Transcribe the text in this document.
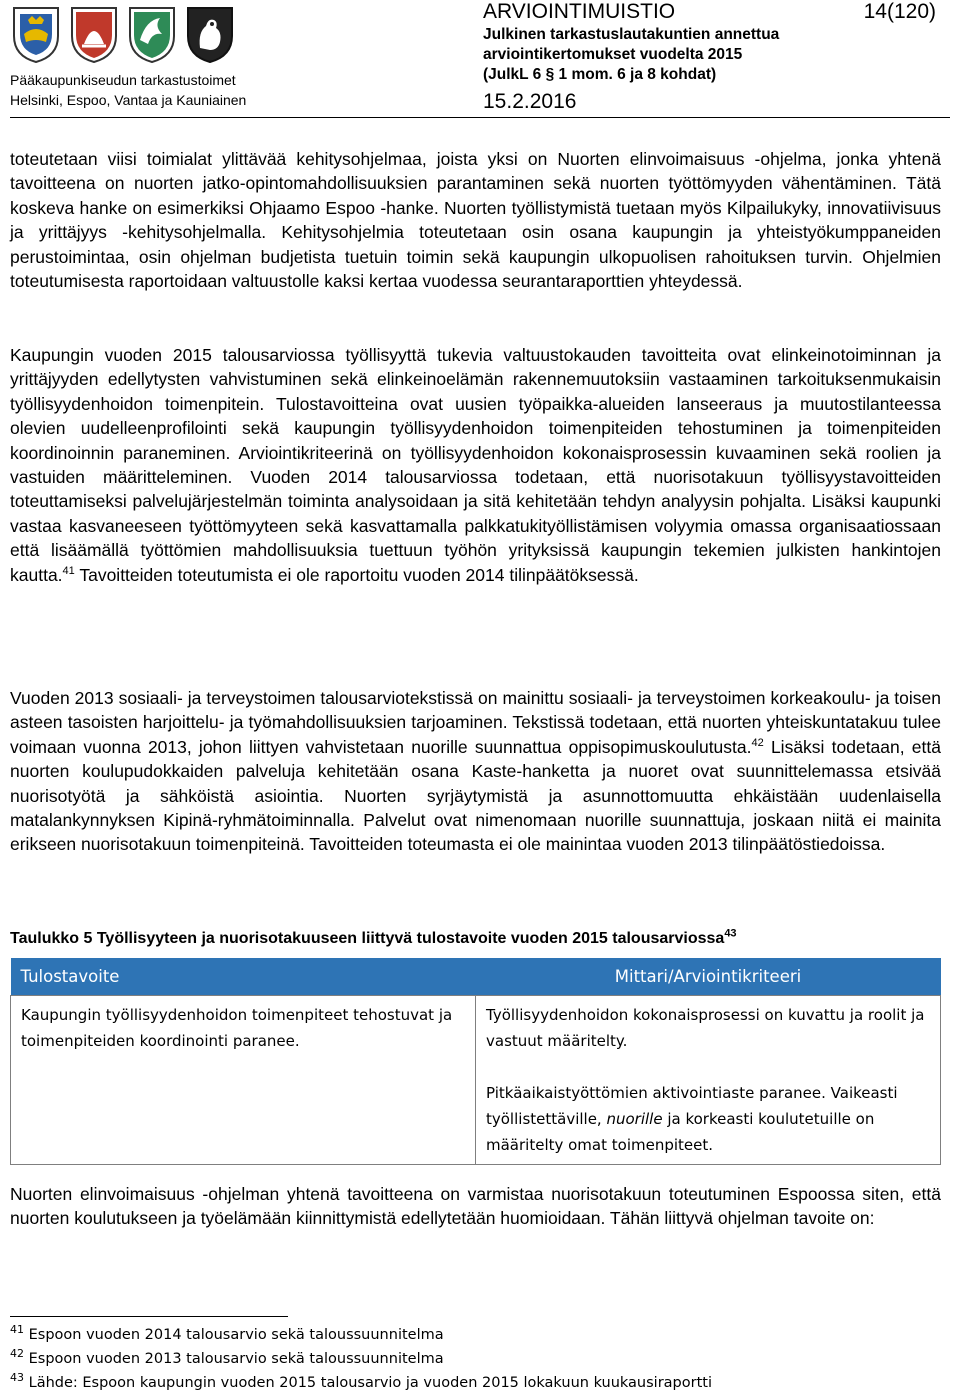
Pääkaupunkiseudun tarkastustoimet
Helsinki, Espoo, Vantaa ja Kauniainen
ARVIOINTIMUISTIO	14(120)
Julkinen tarkastuslautakuntien annettua
arviointikertomukset vuodelta 2015
(JulkL 6 § 1 mom. 6 ja 8 kohdat)
15.2.2016

toteutetaan viisi toimialat ylittävää kehitysohjelmaa, joista yksi on Nuorten elinvoimaisuus -ohjelma, jonka yhtenä tavoitteena on nuorten jatko-opintomahdollisuuksien parantaminen sekä nuorten työttömyyden vähentäminen. Tätä koskeva hanke on esimerkiksi Ohjaamo Espoo -hanke. Nuorten työllistymistä tuetaan myös Kilpailukyky, innovatiivisuus ja yrittäjyys -kehitysohjelmalla. Kehitysohjelmia toteutetaan osin osana kaupungin ja yhteistyökumppaneiden perustoimintaa, osin ohjelman budjetista tuetuin toimin sekä kaupungin ulkopuolisen rahoituksen turvin. Ohjelmien toteutumisesta raportoidaan valtuustolle kaksi kertaa vuodessa seurantaraporttien yhteydessä.

Kaupungin vuoden 2015 talousarviossa työllisyyttä tukevia valtuustokauden tavoitteita ovat elinkeinotoiminnan ja yrittäjyyden edellytysten vahvistuminen sekä elinkeinoelämän rakennemuutoksiin vastaaminen tarkoituksenmukaisin työllisyydenhoidon toimenpitein. Tulostavoitteina ovat uusien työpaikka-alueiden lanseeraus ja muutostilanteessa olevien uudelleenprofilointi sekä kaupungin työllisyydenhoidon toimenpiteiden tehostuminen ja toimenpiteiden koordinoinnin paraneminen. Arviointikriteerinä on työllisyydenhoidon kokonaisprosessin kuvaaminen sekä roolien ja vastuiden määritteleminen. Vuoden 2014 talousarviossa todetaan, että nuorisotakuun työllisyystavoitteiden toteuttamiseksi palvelujärjestelmän toiminta analysoidaan ja sitä kehitetään tehdyn analyysin pohjalta. Lisäksi kaupunki vastaa kasvaneeseen työttömyyteen sekä kasvattamalla palkkatukityöllistämisen volyymia omassa organisaatiossaan että lisäämällä työttömien mahdollisuuksia tuettuun työhön yrityksissä kaupungin tekemien julkisten hankintojen kautta.$^{41}$ Tavoitteiden toteutumista ei ole raportoitu vuoden 2014 tilinpäätöksessä.

Vuoden 2013 sosiaali- ja terveystoimen talousarviotekstissä on mainittu sosiaali- ja terveystoimen korkeakoulu- ja toisen asteen tasoisten harjoittelu- ja työmahdollisuuksien tarjoaminen. Tekstissä todetaan, että nuorten yhteiskuntatakuu tulee voimaan vuonna 2013, johon liittyen vahvistetaan nuorille suunnattua oppisopimuskoulutusta.$^{42}$ Lisäksi todetaan, että nuorten koulupudokkaiden palveluja kehitetään osana Kaste-hanketta ja nuoret ovat suunnittelemassa etsivää nuorisotyötä ja sähköistä asiointia. Nuorten syrjäytymistä ja asunnottomuutta ehkäistään uudenlaisella matalankynnyksen Kipinä-ryhmätoiminnalla. Palvelut ovat nimenomaan nuorille suunnattuja, joskaan niitä ei mainita erikseen nuorisotakuun toimenpiteinä. Tavoitteiden toteumasta ei ole mainintaa vuoden 2013 tilinpäätöstiedoissa.

Taulukko 5 Työllisyyteen ja nuorisotakuuseen liittyvä tulostavoite vuoden 2015 talousarviossa$^{43}$
Tulostavoite	Mittari/Arviointikriteeri

Kaupungin työllisyydenhoidon toimenpiteet tehostuvat ja toimenpiteiden koordinointi paranee.	Työllisyydenhoidon kokonaisprosessi on kuvattu ja roolit ja vastuut määritelty.

Pitkäaikaistyöttömien aktivointiaste paranee. Vaikeasti työllistettäville, nuorille ja korkeasti koulutetuille on määritelty omat toimenpiteet.

Nuorten elinvoimaisuus -ohjelman yhtenä tavoitteena on varmistaa nuorisotakuun toteutuminen Espoossa siten, että nuorten koulutukseen ja työelämään kiinnittymistä edellytetään huomioidaan. Tähän liittyvä ohjelman tavoite on:

$^{41}$ Espoon vuoden 2014 talousarvio sekä taloussuunnitelma
$^{42}$ Espoon vuoden 2013 talousarvio sekä taloussuunnitelma
$^{43}$ Lähde: Espoon kaupungin vuoden 2015 talousarvio ja vuoden 2015 lokakuun kuukausiraportti
